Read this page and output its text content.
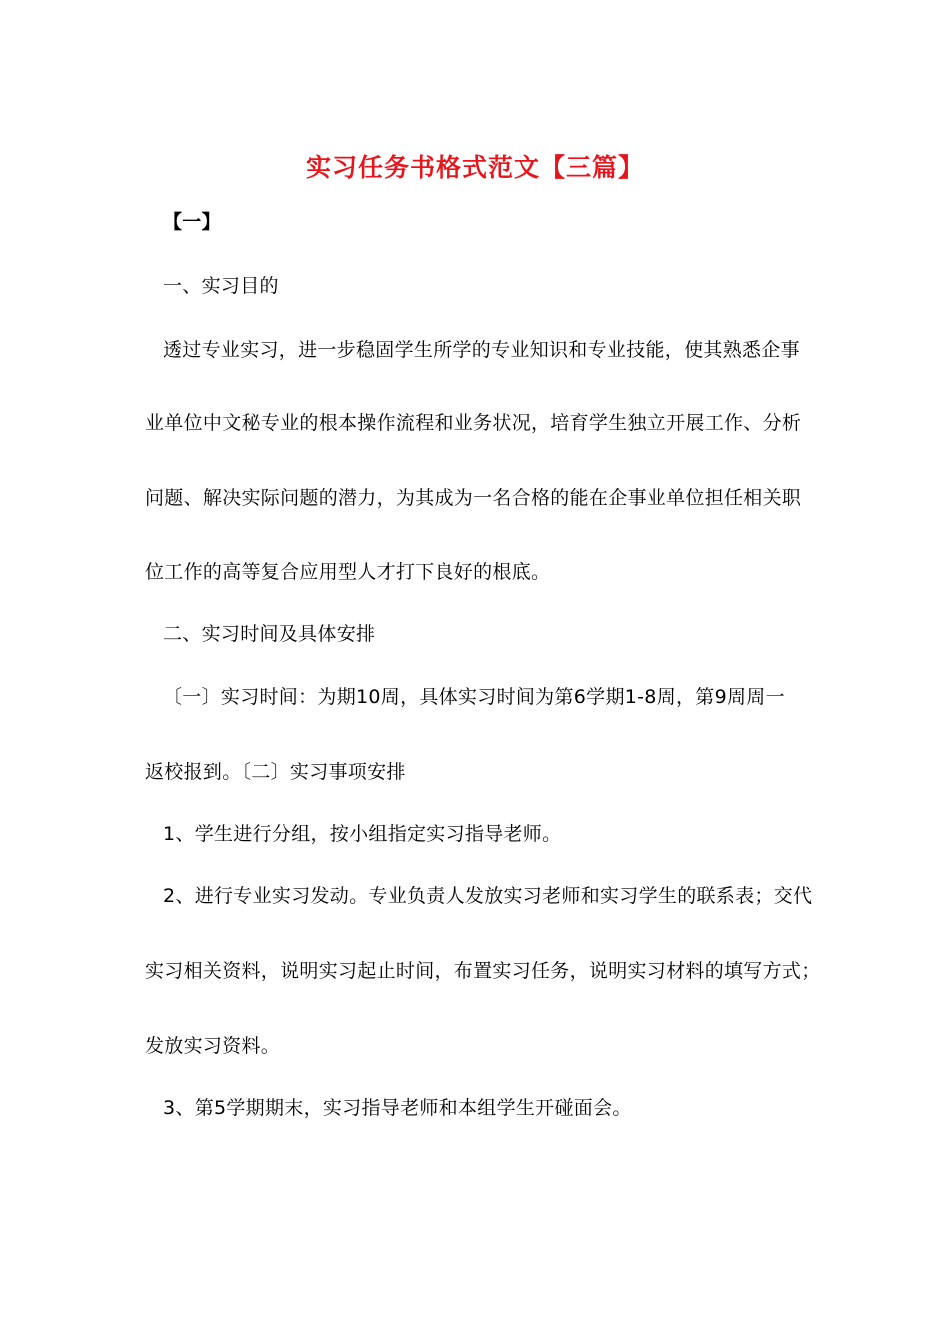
实习任务书格式范文【三篇】
【一】
一、实习目的
透过专业实习，进一步稳固学生所学的专业知识和专业技能，使其熟悉企事
业单位中文秘专业的根本操作流程和业务状况，培育学生独立开展工作、分析
问题、解决实际问题的潜力，为其成为一名合格的能在企事业单位担任相关职
位工作的高等复合应用型人才打下良好的根底。
二、实习时间及具体安排
〔一〕实习时间：为期10周，具体实习时间为第6学期1-8周，第9周周一
返校报到。〔二〕实习事项安排
1、学生进行分组，按小组指定实习指导老师。
2、进行专业实习发动。专业负责人发放实习老师和实习学生的联系表；交代
实习相关资料，说明实习起止时间，布置实习任务，说明实习材料的填写方式；
发放实习资料。
3、第5学期期末，实习指导老师和本组学生开碰面会。
